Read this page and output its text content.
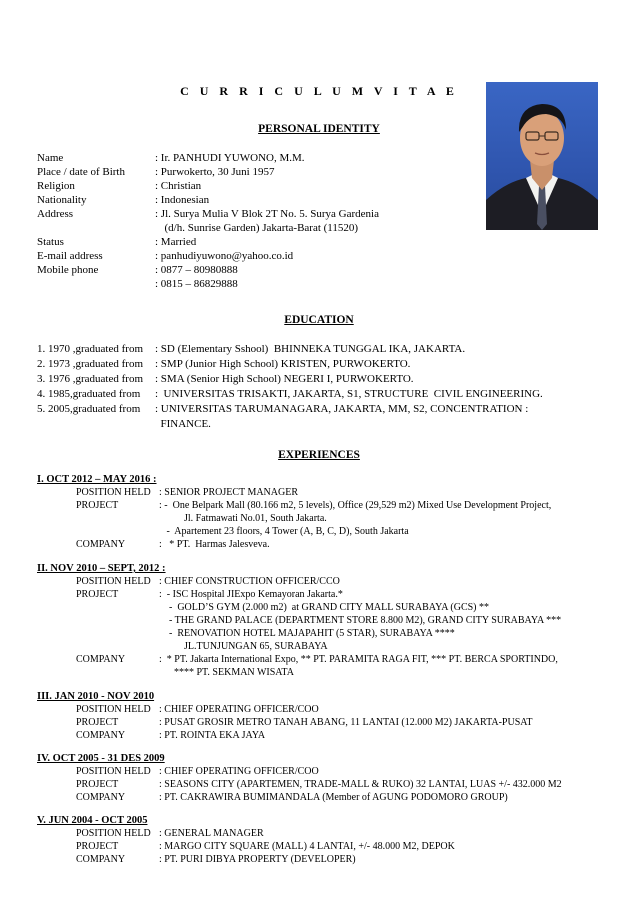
C U R R I C U L U M V I T A E
PERSONAL IDENTITY
Name	: Ir. PANHUDI YUWONO, M.M.
Place / date of Birth	: Purwokerto, 30 Juni 1957
Religion	: Christian
Nationality	: Indonesian
Address	: Jl. Surya Mulia V Blok 2T No. 5. Surya Gardenia
(d/h. Sunrise Garden) Jakarta-Barat (11520)
Status	: Married
E-mail address	: panhudiyuwono@yahoo.co.id
Mobile phone	: 0877 – 80980888
: 0815 – 86829888
EDUCATION
1. 1970 ,graduated from : SD (Elementary Sshool)  BHINNEKA TUNGGAL IKA, JAKARTA.
2. 1973 ,graduated from : SMP (Junior High School) KRISTEN, PURWOKERTO.
3. 1976 ,graduated from : SMA (Senior High School) NEGERI I, PURWOKERTO.
4. 1985,graduated from :  UNIVERSITAS TRISAKTI, JAKARTA, S1, STRUCTURE  CIVIL ENGINEERING.
5. 2005,graduated from : UNIVERSITAS TARUMANAGARA, JAKARTA, MM, S2, CONCENTRATION :
FINANCE.
EXPERIENCES
I. OCT 2012 – MAY 2016 :
POSITION HELD : SENIOR PROJECT MANAGER
PROJECT	: -  One Belpark Mall (80.166 m2, 5 levels), Office (29,529 m2) Mixed Use Development Project,
Jl. Fatmawati No.01, South Jakarta.
-  Apartement 23 floors, 4 Tower (A, B, C, D), South Jakarta
COMPANY	:   * PT.  Harmas Jalesveva.
II. NOV 2010 – SEPT, 2012 :
POSITION HELD : CHIEF CONSTRUCTION OFFICER/CCO
PROJECT	:  - ISC Hospital JIExpo Kemayoran Jakarta.*
-  GOLD’S GYM (2.000 m2)  at GRAND CITY MALL SURABAYA (GCS) **
- THE GRAND PALACE (DEPARTMENT STORE 8.800 M2), GRAND CITY SURABAYA ***
-  RENOVATION HOTEL MAJAPAHIT (5 STAR), SURABAYA ****
JL.TUNJUNGAN 65, SURABAYA
COMPANY	:  * PT. Jakarta International Expo, ** PT. PARAMITA RAGA FIT, *** PT. BERCA SPORTINDO,
**** PT. SEKMAN WISATA
III. JAN 2010 - NOV 2010
POSITION HELD : CHIEF OPERATING OFFICER/COO
PROJECT	: PUSAT GROSIR METRO TANAH ABANG, 11 LANTAI (12.000 M2) JAKARTA-PUSAT
COMPANY	: PT. ROINTA EKA JAYA
IV. OCT 2005 - 31 DES 2009
POSITION HELD : CHIEF OPERATING OFFICER/COO
PROJECT	: SEASONS CITY (APARTEMEN, TRADE-MALL & RUKO) 32 LANTAI, LUAS +/- 432.000 M2
COMPANY	: PT. CAKRAWIRA BUMIMANDALA (Member of AGUNG PODOMORO GROUP)
V. JUN 2004 - OCT 2005
POSITION HELD : GENERAL MANAGER
PROJECT	: MARGO CITY SQUARE (MALL) 4 LANTAI, +/- 48.000 M2, DEPOK
COMPANY	: PT. PURI DIBYA PROPERTY (DEVELOPER)
